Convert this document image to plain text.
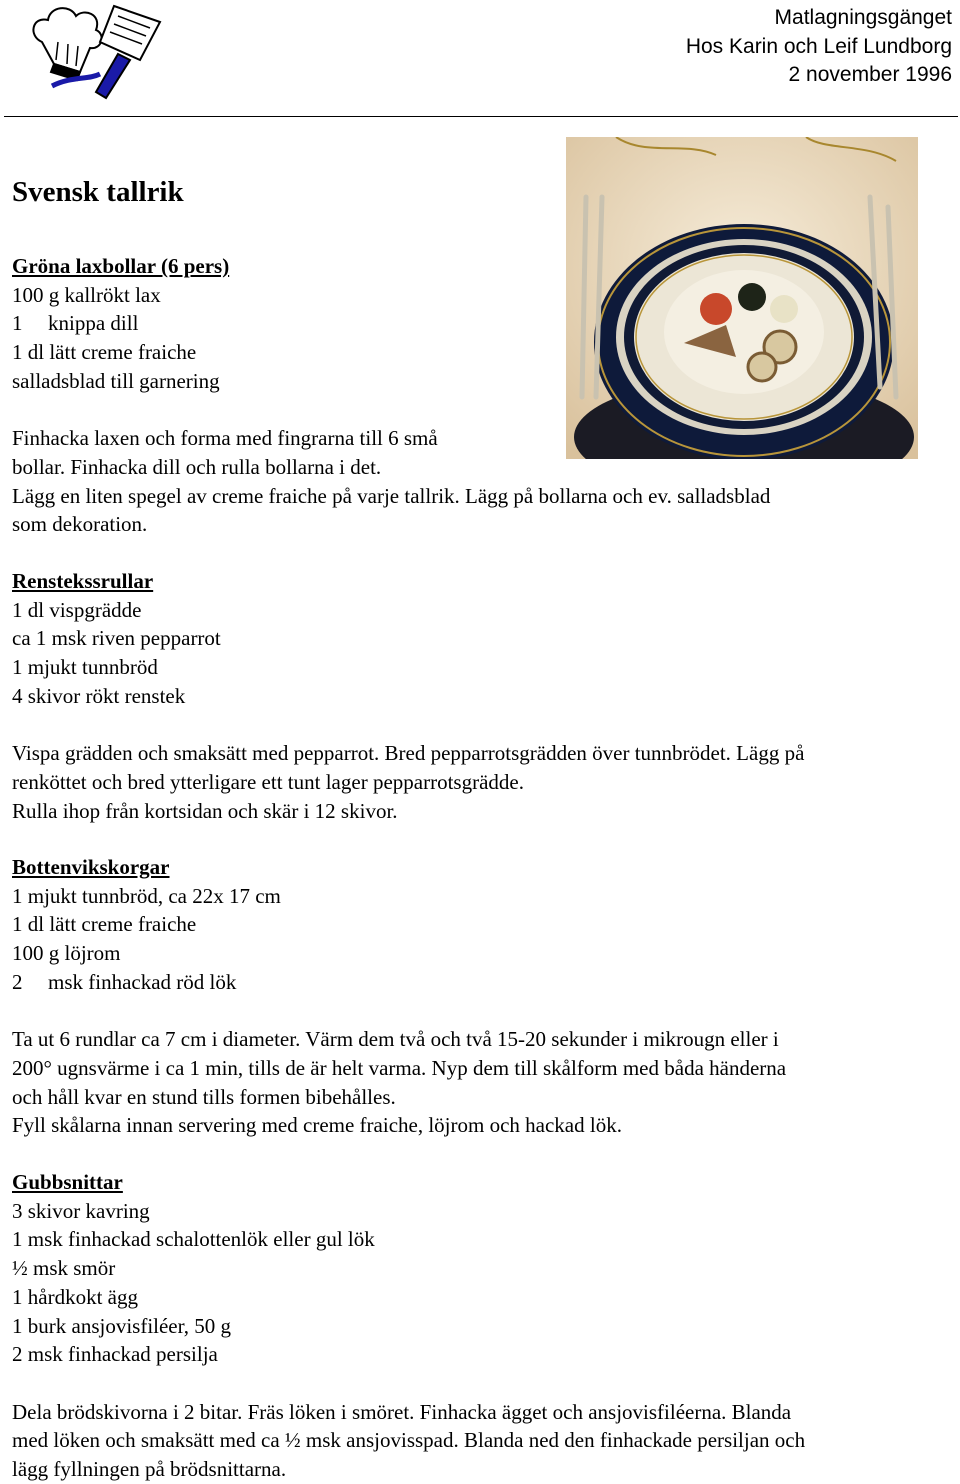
Matlagningsgänget
Hos Karin och Leif Lundborg
2 november 1996
Svensk tallrik
Gröna laxbollar (6 pers)
100 g kallrökt lax
1 knippa dill
1 dl lätt creme fraiche
salladsblad till garnering
Finhacka laxen och forma med fingrarna till 6 små
bollar. Finhacka dill och rulla bollarna i det.
Lägg en liten spegel av creme fraiche på varje tallrik. Lägg på bollarna och ev. salladsblad
som dekoration.
Renstekssrullar
1 dl vispgrädde
ca 1 msk riven pepparrot
1 mjukt tunnbröd
4 skivor rökt renstek
Vispa grädden och smaksätt med pepparrot. Bred pepparrotsgrädden över tunnbrödet. Lägg på
renköttet och bred ytterligare ett tunt lager pepparrotsgrädde.
Rulla ihop från kortsidan och skär i 12 skivor.
Bottenvikskorgar
1 mjukt tunnbröd, ca 22x 17 cm
1 dl lätt creme fraiche
100 g löjrom
2 msk finhackad röd lök
Ta ut 6 rundlar ca 7 cm i diameter. Värm dem två och två 15-20 sekunder i mikrougn eller i
200° ugnsvärme i ca 1 min, tills de är helt varma. Nyp dem till skålform med båda händerna
och håll kvar en stund tills formen bibehålles.
Fyll skålarna innan servering med creme fraiche, löjrom och hackad lök.
Gubbsnittar
3 skivor kavring
1 msk finhackad schalottenlök eller gul lök
½ msk smör
1 hårdkokt ägg
1 burk ansjovisfiléer, 50 g
2 msk finhackad persilja
Dela brödskivorna i 2 bitar. Fräs löken i smöret. Finhacka ägget och ansjovisfiléerna. Blanda
med löken och smaksätt med ca ½ msk ansjovisspad. Blanda ned den finhackade persiljan och
lägg fyllningen på brödsnittarna.
